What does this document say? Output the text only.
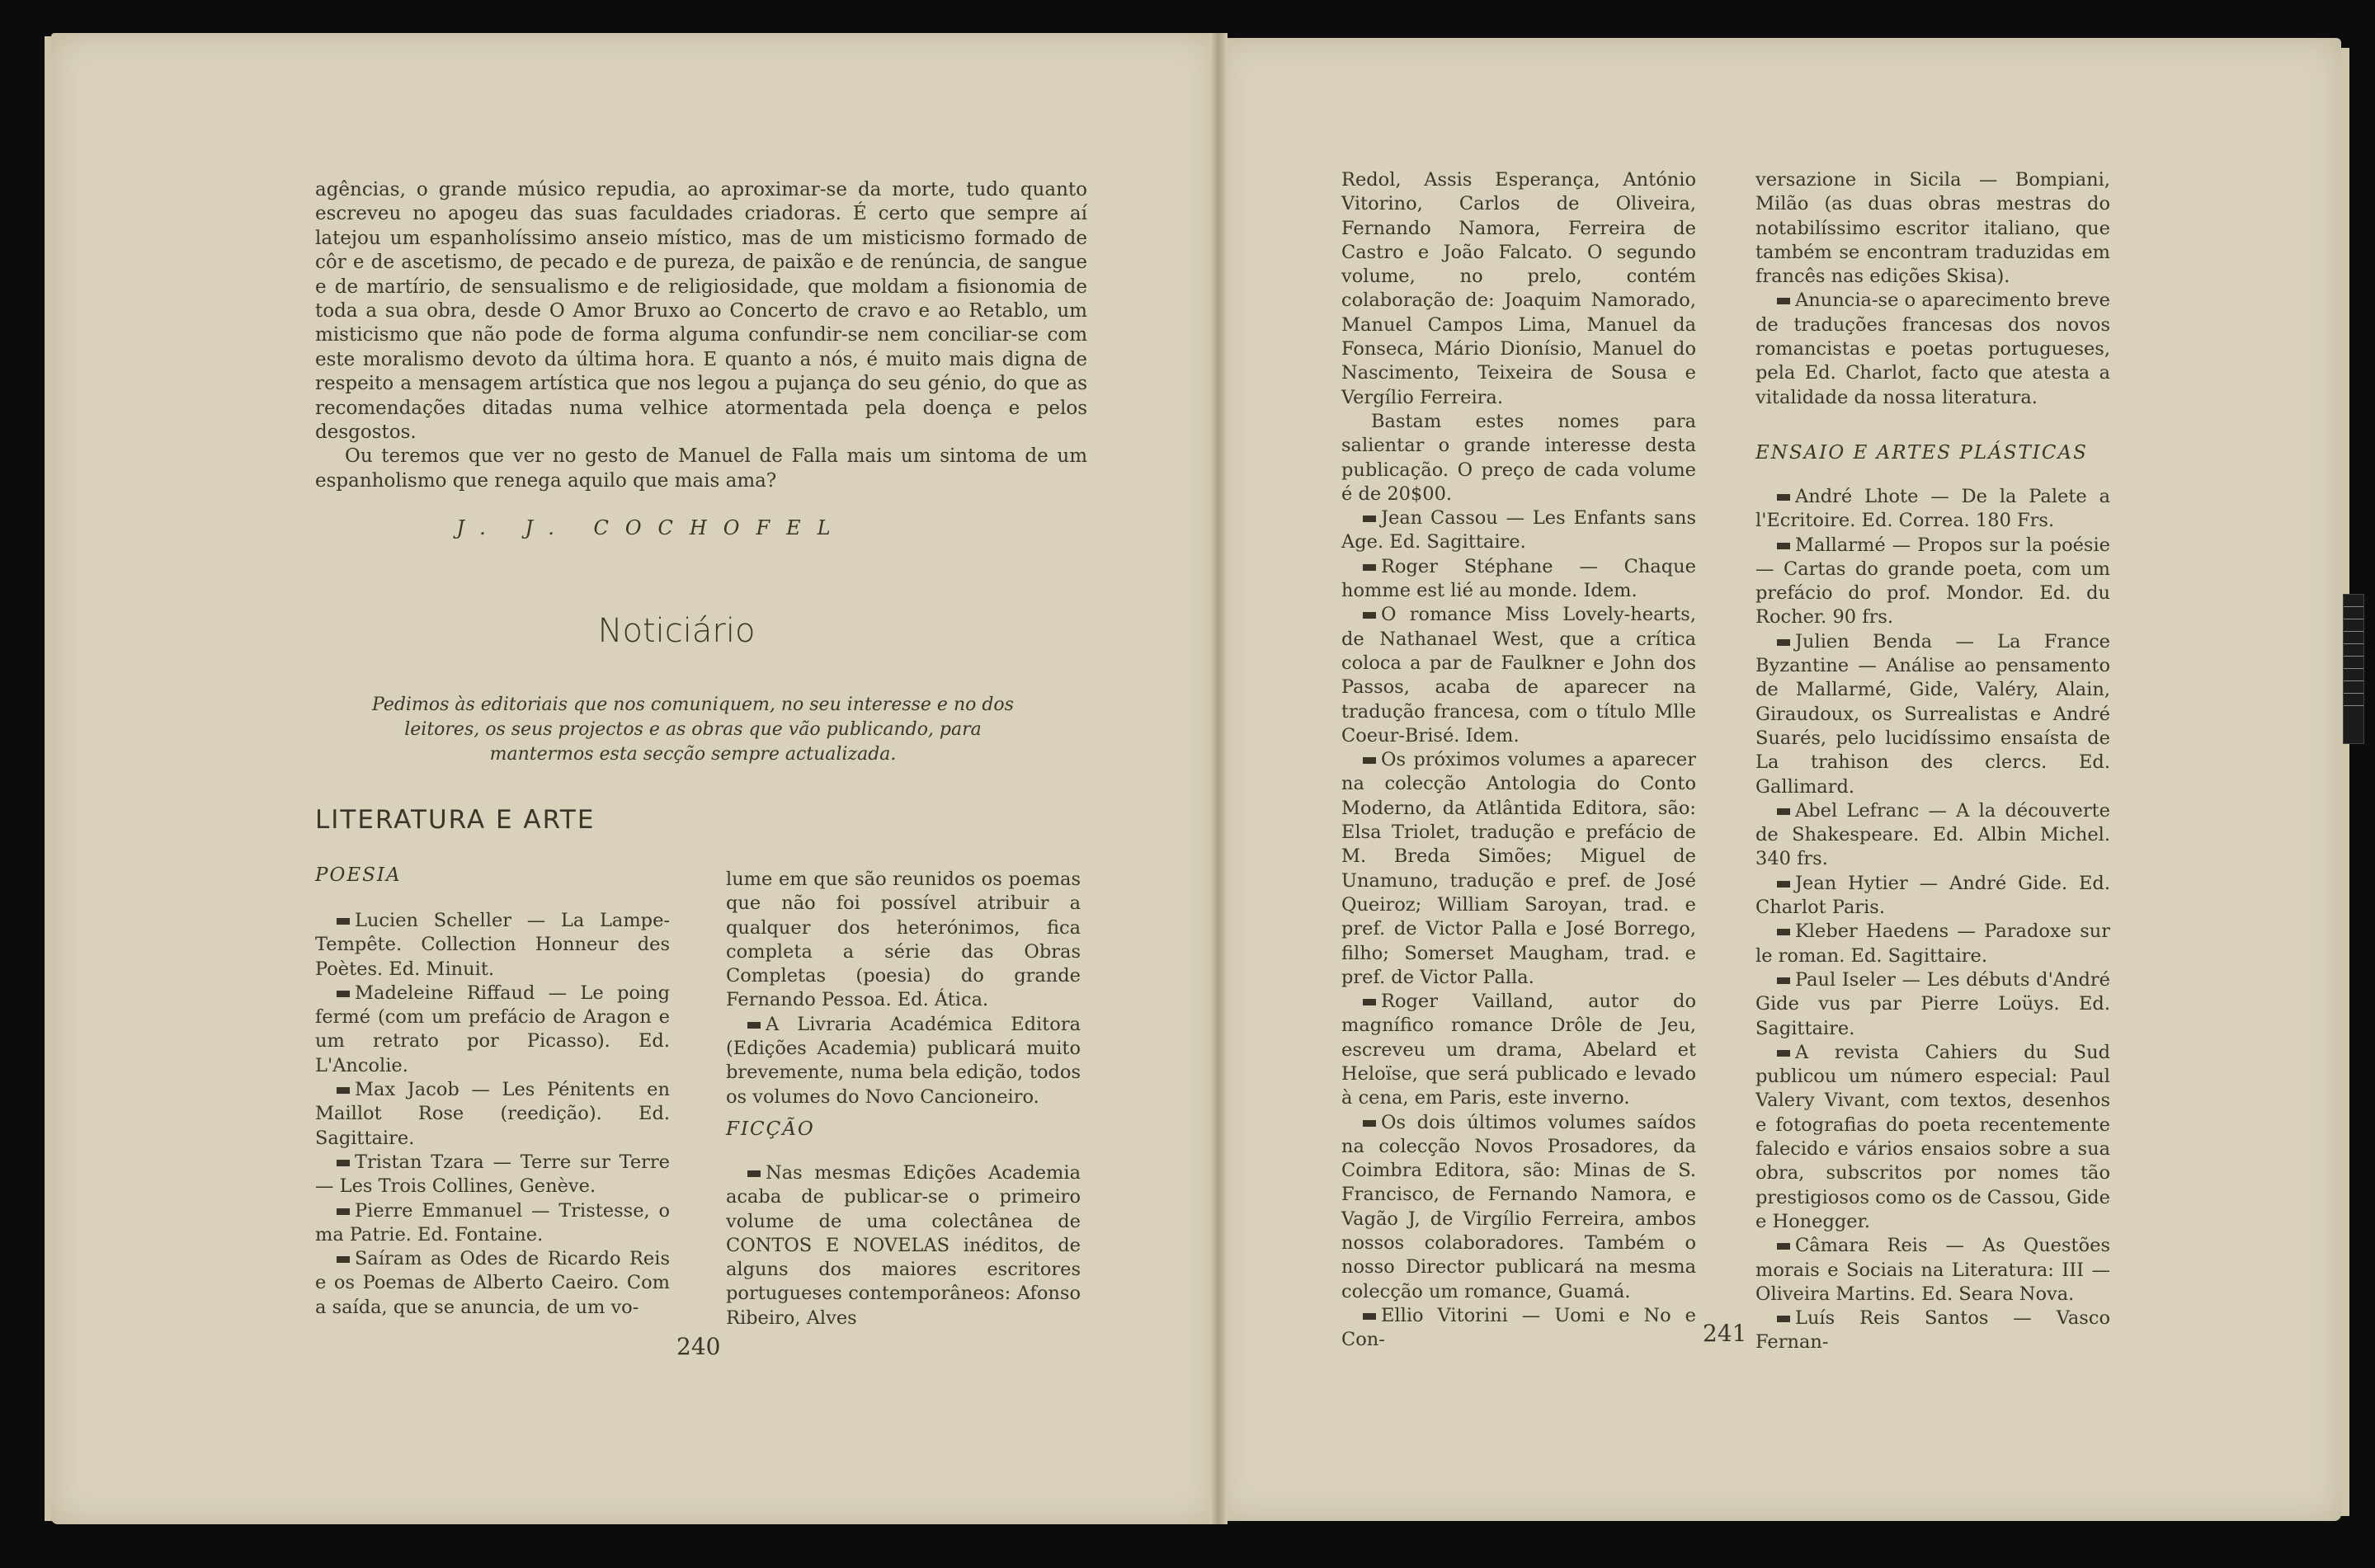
agências, o grande músico repudia, ao aproximar-se da morte, tudo quanto escreveu no apogeu das suas faculdades criadoras. É certo que sempre aí latejou um espanholíssimo anseio místico, mas de um misticismo formado de côr e de ascetismo, de pecado e de pureza, de paixão e de renúncia, de sangue e de martírio, de sensualismo e de religiosidade, que moldam a fisionomia de toda a sua obra, desde O Amor Bruxo ao Concerto de cravo e ao Retablo, um misticismo que não pode de forma alguma confundir-se nem conciliar-se com este moralismo devoto da última hora. E quanto a nós, é muito mais digna de respeito a mensagem artística que nos legou a pujança do seu génio, do que as recomendações ditadas numa velhice atormentada pela doença e pelos desgostos.

Ou teremos que ver no gesto de Manuel de Falla mais um sintoma de um espanholismo que renega aquilo que mais ama?

J. J. COCHOFEL
Noticiário
Pedimos às editoriais que nos comuniquem, no seu interesse e no dos leitores, os seus projectos e as obras que vão publicando, para mantermos esta secção sempre actualizada.
LITERATURA E ARTE
POESIA

Lucien Scheller — La Lampe-Tempête. Collection Honneur des Poètes. Ed. Minuit.

Madeleine Riffaud — Le poing fermé (com um prefácio de Aragon e um retrato por Picasso). Ed. L'Ancolie.

Max Jacob — Les Pénitents en Maillot Rose (reedição). Ed. Sagittaire.

Tristan Tzara — Terre sur Terre — Les Trois Collines, Genève.

Pierre Emmanuel — Tristesse, o ma Patrie. Ed. Fontaine.

Saíram as Odes de Ricardo Reis e os Poemas de Alberto Caeiro. Com a saída, que se anuncia, de um vo-

lume em que são reunidos os poemas que não foi possível atribuir a qualquer dos heterónimos, fica completa a série das Obras Completas (poesia) do grande Fernando Pessoa. Ed. Ática.

A Livraria Académica Editora (Edições Academia) publicará muito brevemente, numa bela edição, todos os volumes do Novo Cancioneiro.

FICÇÃO

Nas mesmas Edições Academia acaba de publicar-se o primeiro volume de uma colectânea de CONTOS E NOVELAS inéditos, de alguns dos maiores escritores portugueses contemporâneos: Afonso Ribeiro, Alves

240

Redol, Assis Esperança, António Vitorino, Carlos de Oliveira, Fernando Namora, Ferreira de Castro e João Falcato. O segundo volume, no prelo, contém colaboração de: Joaquim Namorado, Manuel Campos Lima, Manuel da Fonseca, Mário Dionísio, Manuel do Nascimento, Teixeira de Sousa e Vergílio Ferreira.

Bastam estes nomes para salientar o grande interesse desta publicação. O preço de cada volume é de 20$00.

Jean Cassou — Les Enfants sans Age. Ed. Sagittaire.

Roger Stéphane — Chaque homme est lié au monde. Idem.

O romance Miss Lovely-hearts, de Nathanael West, que a crítica coloca a par de Faulkner e John dos Passos, acaba de aparecer na tradução francesa, com o título Mlle Coeur-Brisé. Idem.

Os próximos volumes a aparecer na colecção Antologia do Conto Moderno, da Atlântida Editora, são: Elsa Triolet, tradução e prefácio de M. Breda Simões; Miguel de Unamuno, tradução e pref. de José Queiroz; William Saroyan, trad. e pref. de Victor Palla e José Borrego, filho; Somerset Maugham, trad. e pref. de Victor Palla.

Roger Vailland, autor do magnífico romance Drôle de Jeu, escreveu um drama, Abelard et Heloïse, que será publicado e levado à cena, em Paris, este inverno.

Os dois últimos volumes saídos na colecção Novos Prosadores, da Coimbra Editora, são: Minas de S. Francisco, de Fernando Namora, e Vagão J, de Virgílio Ferreira, ambos nossos colaboradores. Também o nosso Director publicará na mesma colecção um romance, Guamá.

Ellio Vitorini — Uomi e No e Con-

versazione in Sicila — Bompiani, Milão (as duas obras mestras do notabilíssimo escritor italiano, que também se encontram traduzidas em francês nas edições Skisa).

Anuncia-se o aparecimento breve de traduções francesas dos novos romancistas e poetas portugueses, pela Ed. Charlot, facto que atesta a vitalidade da nossa literatura.

ENSAIO E ARTES PLÁSTICAS

André Lhote — De la Palete a l'Ecritoire. Ed. Correa. 180 Frs.

Mallarmé — Propos sur la poésie — Cartas do grande poeta, com um prefácio do prof. Mondor. Ed. du Rocher. 90 frs.

Julien Benda — La France Byzantine — Análise ao pensamento de Mallarmé, Gide, Valéry, Alain, Giraudoux, os Surrealistas e André Suarés, pelo lucidíssimo ensaísta de La trahison des clercs. Ed. Gallimard.

Abel Lefranc — A la découverte de Shakespeare. Ed. Albin Michel. 340 frs.

Jean Hytier — André Gide. Ed. Charlot Paris.

Kleber Haedens — Paradoxe sur le roman. Ed. Sagittaire.

Paul Iseler — Les débuts d'André Gide vus par Pierre Loüys. Ed. Sagittaire.

A revista Cahiers du Sud publicou um número especial: Paul Valery Vivant, com textos, desenhos e fotografias do poeta recentemente falecido e vários ensaios sobre a sua obra, subscritos por nomes tão prestigiosos como os de Cassou, Gide e Honegger.

Câmara Reis — As Questões morais e Sociais na Literatura: III — Oliveira Martins. Ed. Seara Nova.

Luís Reis Santos — Vasco Fernan-

241
